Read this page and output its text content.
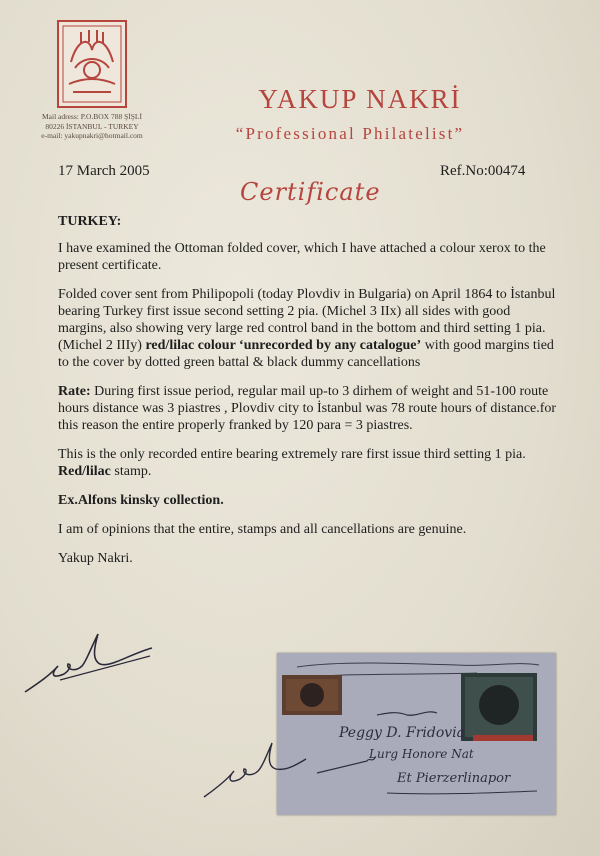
Mail adress: P.O.BOX 788 ŞİŞLİ
80226 İSTANBUL - TURKEY
e-mail: yakupnakri@hotmail.com
YAKUP NAKRİ
“Professional Philatelist”
17 March 2005	Ref.No:00474
Certificate

TURKEY:

I have examined the Ottoman folded cover, which I have attached a colour xerox to the present certificate.

Folded cover sent from Philipopoli (today Plovdiv in Bulgaria) on April 1864 to İstanbul bearing Turkey first issue second setting 2 pia. (Michel 3 IIx) all sides with good margins, also showing very large red control band in the bottom and third setting 1 pia.(Michel 2 IIIy) red/lilac colour ‘unrecorded by any catalogue’ with good margins tied to the cover by dotted green battal & black dummy cancellations

Rate: During first issue period, regular mail up-to 3 dirhem of weight and 51-100 route hours distance was 3 piastres , Plovdiv city to İstanbul was 78 route hours of distance.for this reason the entire properly franked by 120 para = 3 piastres.

This is the only recorded entire bearing extremely rare first issue third setting 1 pia. Red/lilac stamp.

Ex.Alfons kinsky collection.

I am of opinions that the entire, stamps and all cancellations are genuine.

Yakup Nakri.

Peggy D. Fridovia
Lurg Honore Nat
Et Pierzerlinapor
